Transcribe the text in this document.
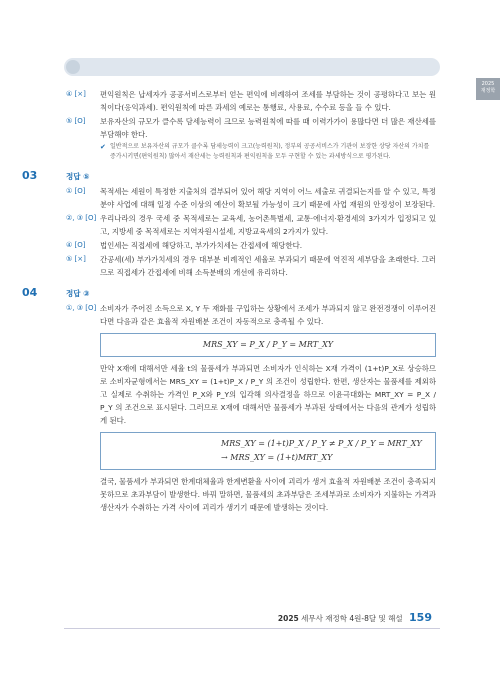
2025
재정학
④ [×]	편익원칙은 납세자가 공공서비스로부터 얻는 편익에 비례하여 조세를 부담하는 것이 공평하다고 보는 원칙이다(응익과세). 편익원칙에 따른 과세의 예로는 통행료, 사용료, 수수료 등을 들 수 있다.
⑤ [O]	보유자산의 규모가 클수록 담세능력이 크므로 능력원칙에 따를 때 이력가가이 용많다면 더 많은 재산세를 부담해야 한다.
✔ 일반적으로 보유자산의 규모가 클수록 담세능력이 크고(능력원칙), 정부의 공공서비스가 기관이 보장한 상당 자산의 가치를 증가시키면(편익원칙) 많아서 재산세는 능력원칙과 편익원칙을 모두 구현할 수 있는 과세방식으로 평가된다.
03	정답 ⑤
① [O]	목적세는 세원이 특정한 지출처의 결부되어 있어 해당 지역이 어느 세출로 귀결되는지를 알 수 있고, 특정 분야 사업에 대해 일정 수준 이상의 예산이 확보될 가능성이 크기 때문에 사업 재원의 안정성이 보장된다.
②, ③ [O] 우리나라의 경우 국세 중 목적세로는 교육세, 농어촌특별세, 교통·에너지·환경세의 3가지가 입정되고 있고, 지방세 중 목적세로는 지역자원시설세, 지방교육세의 2가지가 있다.
④ [O]	법인세는 직접세에 해당하고, 부가가치세는 간접세에 해당한다.
⑤ [×]	간공세(세) 부가가치세의 경우 대부분 비례적인 세율로 부과되기 때문에 역진적 세부담을 초래한다. 그러므로 직접세가 간접세에 비해 소득분배의 개선에 유리하다.
04	정답 ③
①, ③ [O] 소비자가 주어진 소득으로 X, Y 두 재화를 구입하는 상황에서 조세가 부과되지 않고 완전경쟁이 이루어진다면 다음과 같은 효율적 자원배분 조건이 자동적으로 충족될 수 있다.
MRS_XY = P_X / P_Y = MRT_XY
만약 X재에 대해서만 세율 t의 물품세가 부과되면 소비자가 인식하는 X재 가격이 (1+t)P_X로 상승하므로 소비자균형에서는 MRS_XY = (1+t)P_X / P_Y 의 조건이 성립한다. 한편, 생산자는 물품세를 제외하고 실제로 수취하는 가격인 P_X와 P_Y의 입각해 의사결정을 하므로 이윤극대화는 MRT_XY = P_X / P_Y 의 조건으로 표시된다. 그러므로 X재에 대해서만 물품세가 부과된 상태에서는 다음의 관계가 성립하게 된다.
MRS_XY = (1+t)P_X / P_Y ≠ P_X / P_Y = MRT_XY
→ MRS_XY = (1+t)MRT_XY
결국, 물품세가 부과되면 한계대체율과 한계변환율 사이에 괴리가 생겨 효율적 자원배분 조건이 충족되지 못하므로 초과부담이 발생한다. 바꿔 말하면, 물품세의 초과부담은 조세부과로 소비자가 지불하는 가격과 생산자가 수취하는 가격 사이에 괴리가 생기기 때문에 발생하는 것이다.
2025 세무사 재정학 4원-8달 및 해설 159
